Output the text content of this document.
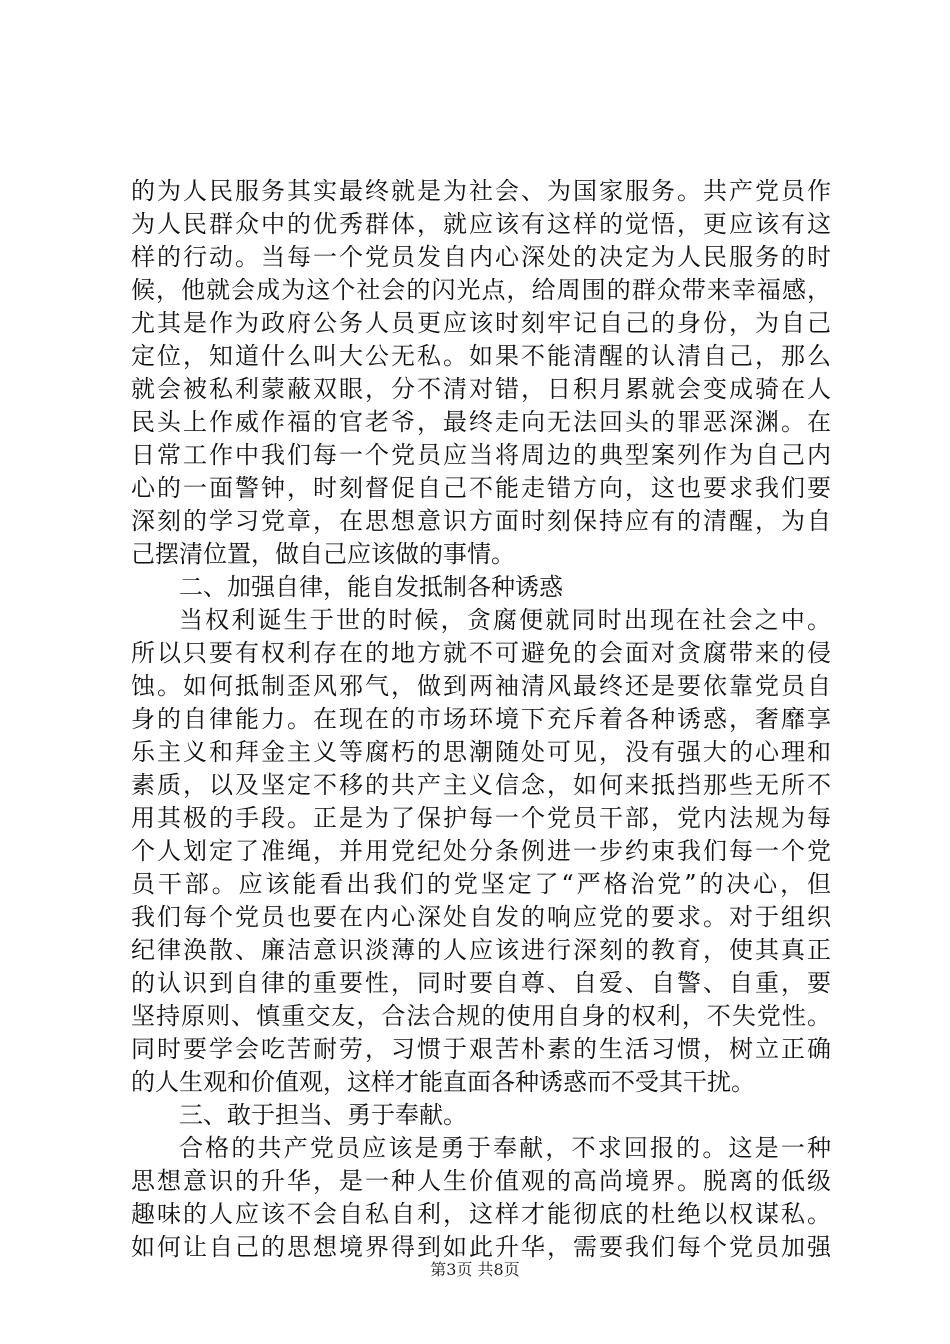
的为人民服务其实最终就是为社会、为国家服务。共产党员作
为人民群众中的优秀群体，就应该有这样的觉悟，更应该有这
样的行动。当每一个党员发自内心深处的决定为人民服务的时
候，他就会成为这个社会的闪光点，给周围的群众带来幸福感，
尤其是作为政府公务人员更应该时刻牢记自己的身份，为自己
定位，知道什么叫大公无私。如果不能清醒的认清自己，那么
就会被私利蒙蔽双眼，分不清对错，日积月累就会变成骑在人
民头上作威作福的官老爷，最终走向无法回头的罪恶深渊。在
日常工作中我们每一个党员应当将周边的典型案列作为自己内
心的一面警钟，时刻督促自己不能走错方向，这也要求我们要
深刻的学习党章，在思想意识方面时刻保持应有的清醒，为自
己摆清位置，做自己应该做的事情。
二、加强自律，能自发抵制各种诱惑
当权利诞生于世的时候，贪腐便就同时出现在社会之中。
所以只要有权利存在的地方就不可避免的会面对贪腐带来的侵
蚀。如何抵制歪风邪气，做到两袖清风最终还是要依靠党员自
身的自律能力。在现在的市场环境下充斥着各种诱惑，奢靡享
乐主义和拜金主义等腐朽的思潮随处可见，没有强大的心理和
素质，以及坚定不移的共产主义信念，如何来抵挡那些无所不
用其极的手段。正是为了保护每一个党员干部，党内法规为每
个人划定了准绳，并用党纪处分条例进一步约束我们每一个党
员干部。应该能看出我们的党坚定了“严格治党”的决心，但
我们每个党员也要在内心深处自发的响应党的要求。对于组织
纪律涣散、廉洁意识淡薄的人应该进行深刻的教育，使其真正
的认识到自律的重要性，同时要自尊、自爱、自警、自重，要
坚持原则、慎重交友，合法合规的使用自身的权利，不失党性。
同时要学会吃苦耐劳，习惯于艰苦朴素的生活习惯，树立正确
的人生观和价值观，这样才能直面各种诱惑而不受其干扰。
三、敢于担当、勇于奉献。
合格的共产党员应该是勇于奉献，不求回报的。这是一种
思想意识的升华，是一种人生价值观的高尚境界。脱离的低级
趣味的人应该不会自私自利，这样才能彻底的杜绝以权谋私。
如何让自己的思想境界得到如此升华，需要我们每个党员加强
第3页 共8页
